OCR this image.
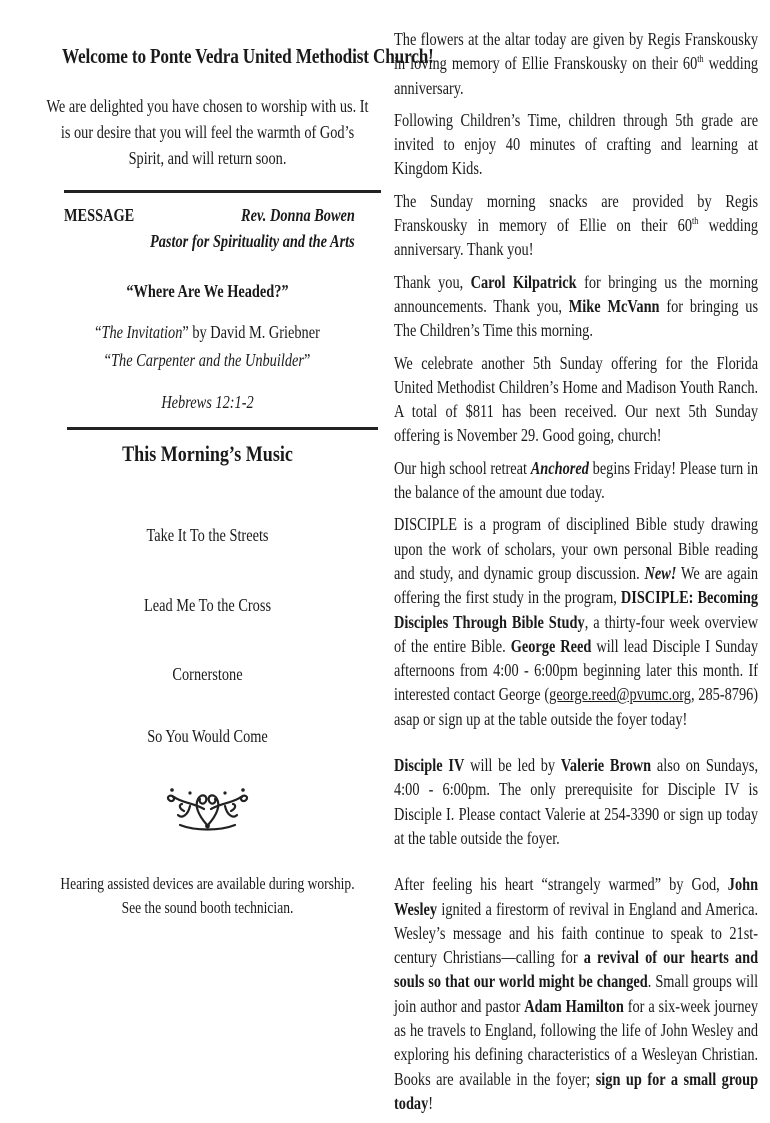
Welcome to Ponte Vedra United Methodist Church!
We are delighted you have chosen to worship with us. It is our desire that you will feel the warmth of God’s Spirit, and will return soon.
MESSAGE	Rev. Donna Bowen
Pastor for Spirituality and the Arts
“Where Are We Headed?”
“The Invitation” by David M. Griebner
“The Carpenter and the Unbuilder”
Hebrews 12:1-2
This Morning’s Music
Take It To the Streets
Lead Me To the Cross
Cornerstone
So You Would Come
Hearing assisted devices are available during worship. See the sound booth technician.

The flowers at the altar today are given by Regis Franskousky in loving memory of Ellie Franskousky on their 60th wedding anniversary.

Following Children’s Time, children through 5th grade are invited to enjoy 40 minutes of crafting and learning at Kingdom Kids.

The Sunday morning snacks are provided by Regis Franskousky in memory of Ellie on their 60th wedding anniversary. Thank you!

Thank you, Carol Kilpatrick for bringing us the morning announcements. Thank you, Mike McVann for bringing us The Children’s Time this morning.

We celebrate another 5th Sunday offering for the Florida United Methodist Children’s Home and Madison Youth Ranch. A total of $811 has been received. Our next 5th Sunday offering is November 29. Good going, church!

Our high school retreat Anchored begins Friday! Please turn in the balance of the amount due today.

DISCIPLE is a program of disciplined Bible study drawing upon the work of scholars, your own personal Bible reading and study, and dynamic group discussion. New! We are again offering the first study in the program, DISCIPLE: Becoming Disciples Through Bible Study, a thirty-four week overview of the entire Bible. George Reed will lead Disciple I Sunday afternoons from 4:00 - 6:00pm beginning later this month. If interested contact George (george.reed@pvumc.org, 285-8796) asap or sign up at the table outside the foyer today!

Disciple IV will be led by Valerie Brown also on Sundays, 4:00 - 6:00pm. The only prerequisite for Disciple IV is Disciple I. Please contact Valerie at 254-3390 or sign up today at the table outside the foyer.

After feeling his heart “strangely warmed” by God, John Wesley ignited a firestorm of revival in England and America. Wesley’s message and his faith continue to speak to 21st-century Christians—calling for a revival of our hearts and souls so that our world might be changed. Small groups will join author and pastor Adam Hamilton for a six-week journey as he travels to England, following the life of John Wesley and exploring his defining characteristics of a Wesleyan Christian. Books are available in the foyer; sign up for a small group today!
